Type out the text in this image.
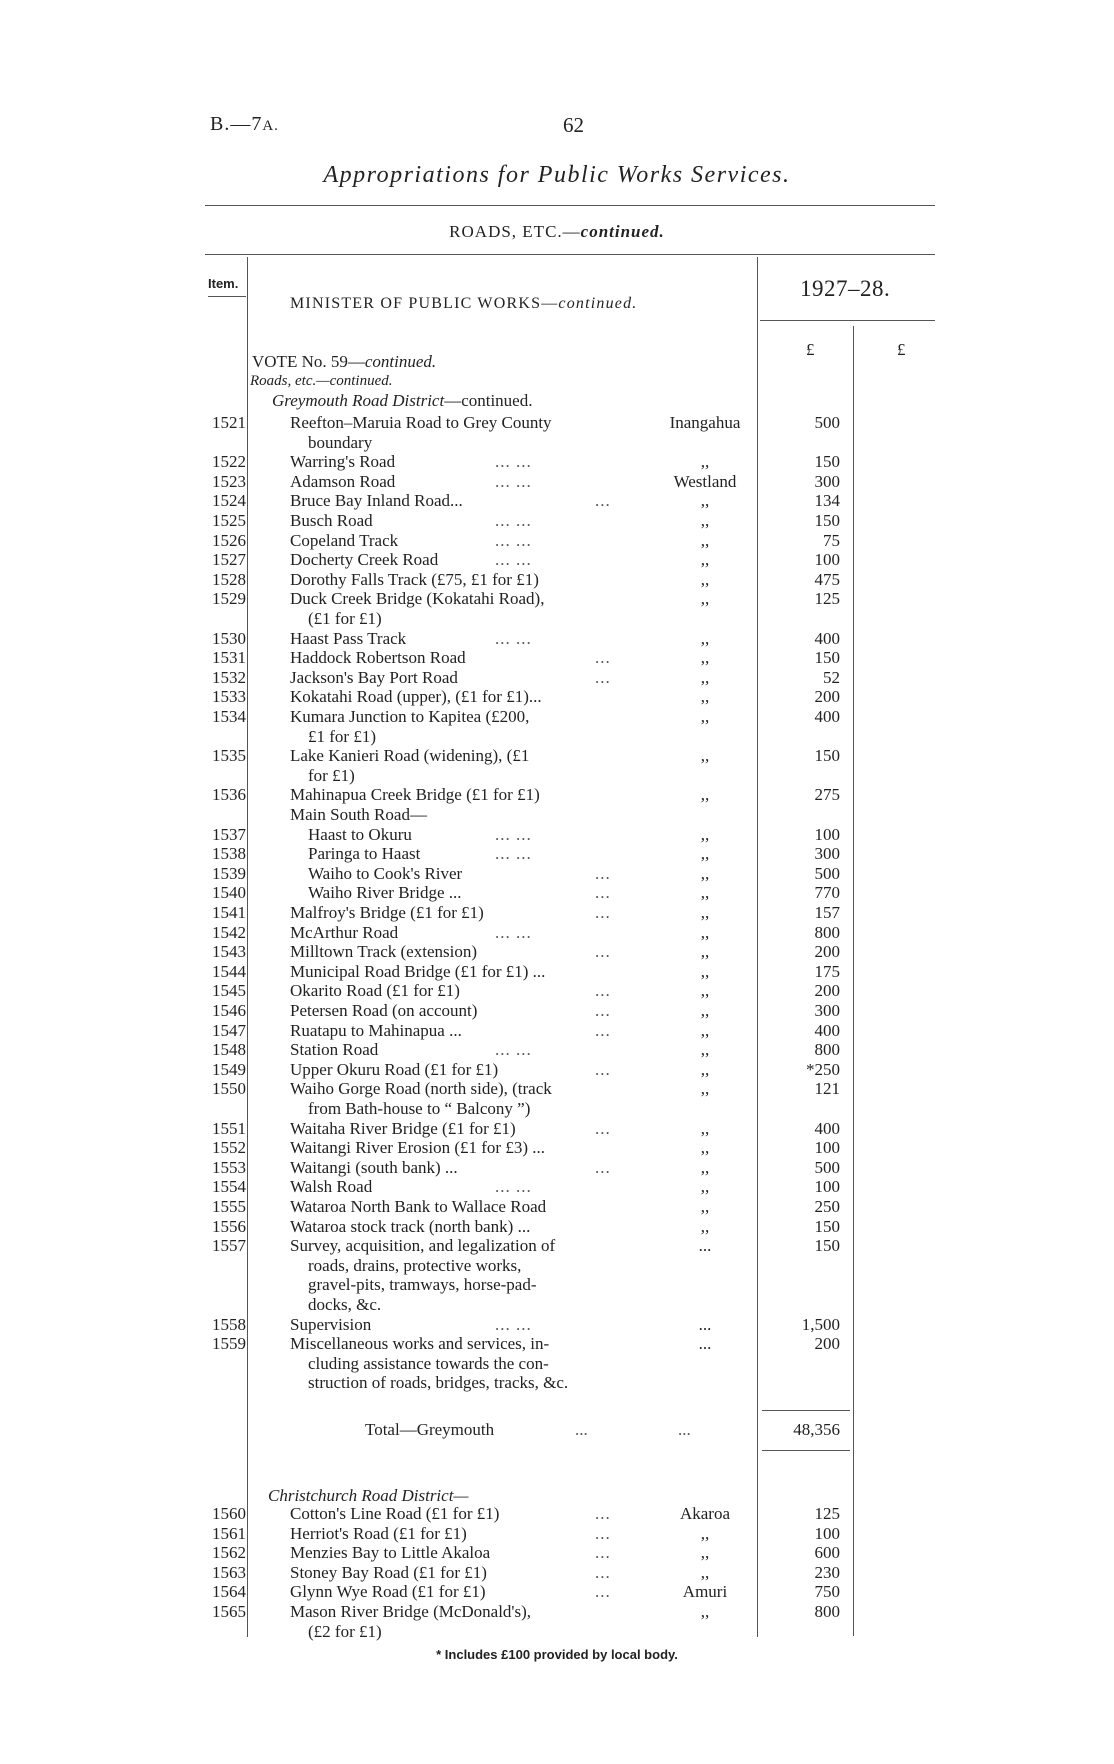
B.—7A.	62
Appropriations for Public Works Services.
ROADS, ETC.—continued.
Item.
MINISTER OF PUBLIC WORKS—continued.
1927–28.
£	£
VOTE No. 59—continued.
Roads, etc.—continued.
Greymouth Road District—continued.
1521	Reefton–Maruia Road to Grey County	Inangahua	500
boundary
1522	Warring's Road	... ...	,,	150
1523	Adamson Road	... ...	Westland	300
1524	Bruce Bay Inland Road...	...	,,	134
1525	Busch Road	... ...	,,	150
1526	Copeland Track	... ...	,,	75
1527	Docherty Creek Road	... ...	,,	100
1528	Dorothy Falls Track (£75, £1 for £1)	,,	475
1529	Duck Creek Bridge (Kokatahi Road),	,,	125
(£1 for £1)
1530	Haast Pass Track	... ...	,,	400
1531	Haddock Robertson Road	...	,,	150
1532	Jackson's Bay Port Road	...	,,	52
1533	Kokatahi Road (upper), (£1 for £1)...	,,	200
1534	Kumara Junction to Kapitea (£200,	,,	400
£1 for £1)
1535	Lake Kanieri Road (widening), (£1	,,	150
for £1)
1536	Mahinapua Creek Bridge (£1 for £1)	,,	275
Main South Road—
1537	Haast to Okuru	... ...	,,	100
1538	Paringa to Haast	... ...	,,	300
1539	Waiho to Cook's River	...	,,	500
1540	Waiho River Bridge ...	...	,,	770
1541	Malfroy's Bridge (£1 for £1)	...	,,	157
1542	McArthur Road	... ...	,,	800
1543	Milltown Track (extension)	...	,,	200
1544	Municipal Road Bridge (£1 for £1) ...	,,	175
1545	Okarito Road (£1 for £1)	...	,,	200
1546	Petersen Road (on account)	...	,,	300
1547	Ruatapu to Mahinapua ...	...	,,	400
1548	Station Road	... ...	,,	800
1549	Upper Okuru Road (£1 for £1)	...	,,	*250
1550	Waiho Gorge Road (north side), (track	,,	121
from Bath-house to “ Balcony ”)
1551	Waitaha River Bridge (£1 for £1)	...	,,	400
1552	Waitangi River Erosion (£1 for £3) ...	,,	100
1553	Waitangi (south bank) ...	...	,,	500
1554	Walsh Road	... ...	,,	100
1555	Wataroa North Bank to Wallace Road	,,	250
1556	Wataroa stock track (north bank) ...	,,	150
1557	Survey, acquisition, and legalization of	...	150
roads, drains, protective works,
gravel-pits, tramways, horse-pad-
docks, &c.
1558	Supervision	... ...	...	1,500
1559	Miscellaneous works and services, in-	...	200
cluding assistance towards the con-
struction of roads, bridges, tracks, &c.
Total—Greymouth	...	...	48,356
Christchurch Road District—
1560	Cotton's Line Road (£1 for £1)	...	Akaroa	125
1561	Herriot's Road (£1 for £1)	...	,,	100
1562	Menzies Bay to Little Akaloa	...	,,	600
1563	Stoney Bay Road (£1 for £1)	...	,,	230
1564	Glynn Wye Road (£1 for £1)	...	Amuri	750
1565	Mason River Bridge (McDonald's),	,,	800
(£2 for £1)
* Includes £100 provided by local body.
